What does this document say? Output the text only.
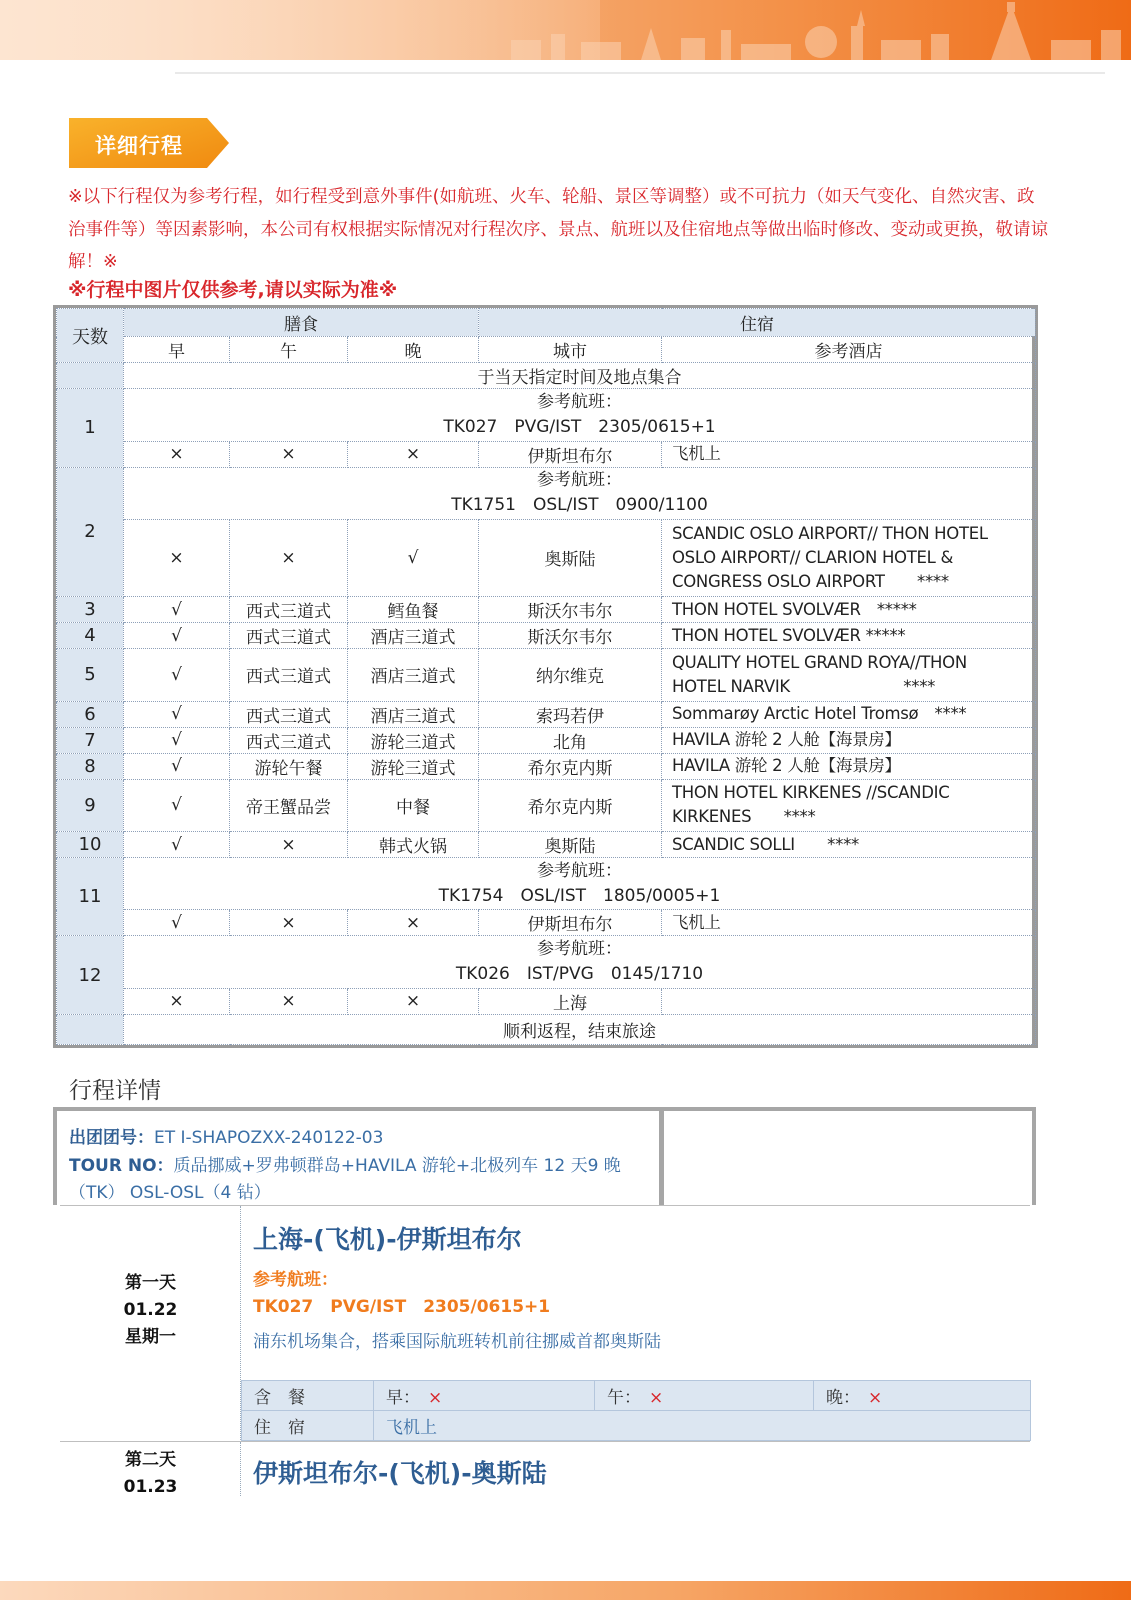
详细行程
※以下行程仅为参考行程，如行程受到意外事件(如航班、火车、轮船、景区等调整）或不可抗力（如天气变化、自然灾害、政治事件等）等因素影响，本公司有权根据实际情况对行程次序、景点、航班以及住宿地点等做出临时修改、变动或更换，敬请谅解！※
※行程中图片仅供参考,请以实际为准※
天数	膳食			住宿	
	早	午	晚	城市	参考酒店
	于当天指定时间及地点集合				
1	参考航班：
TK027　PVG/IST　2305/0615+1				

	×	×	×	伊斯坦布尔	飞机上
2	参考航班：
TK1751　OSL/IST　0900/1100				

	×	×	√	奥斯陆	SCANDIC OSLO AIRPORT// THON HOTEL
OSLO AIRPORT// CLARION HOTEL &
CONGRESS OSLO AIRPORT　　****

3	√	西式三道式	鳕鱼餐	斯沃尔韦尔	THON HOTEL SVOLVÆR　*****
4	√	西式三道式	酒店三道式	斯沃尔韦尔	THON HOTEL SVOLVÆR *****
5	√	西式三道式	酒店三道式	纳尔维克	QUALITY HOTEL GRAND ROYA//THON
HOTEL NARVIK　　　　　　　****

6	√	西式三道式	酒店三道式	索玛若伊	Sommarøy Arctic Hotel Tromsø　****
7	√	西式三道式	游轮三道式	北角	HAVILA 游轮 2 人舱【海景房】
8	√	游轮午餐	游轮三道式	希尔克内斯	HAVILA 游轮 2 人舱【海景房】
9	√	帝王蟹品尝	中餐	希尔克内斯	THON HOTEL KIRKENES //SCANDIC
KIRKENES　　****

10	√	×	韩式火锅	奥斯陆	SCANDIC SOLLI　　****
11	参考航班：
TK1754　OSL/IST　1805/0005+1				

	√	×	×	伊斯坦布尔	飞机上
12	参考航班：
TK026　IST/PVG　0145/1710				

	×	×	×	上海	
	顺利返程，结束旅途				
行程详情
出团团号：ET I-SHAPOZXX-240122-03
TOUR NO：质品挪威+罗弗顿群岛+HAVILA 游轮+北极列车 12 天9 晚
（TK） OSL-OSL（4 钻）
第一天
01.22
星期一
上海-(飞机)-伊斯坦布尔
参考航班：
TK027　PVG/IST　2305/0615+1
浦东机场集合，搭乘国际航班转机前往挪威首都奥斯陆
含　餐	早： ×	午： ×	晚： ×
住　宿	飞机上		
第二天
01.23	伊斯坦布尔-(飞机)-奥斯陆
